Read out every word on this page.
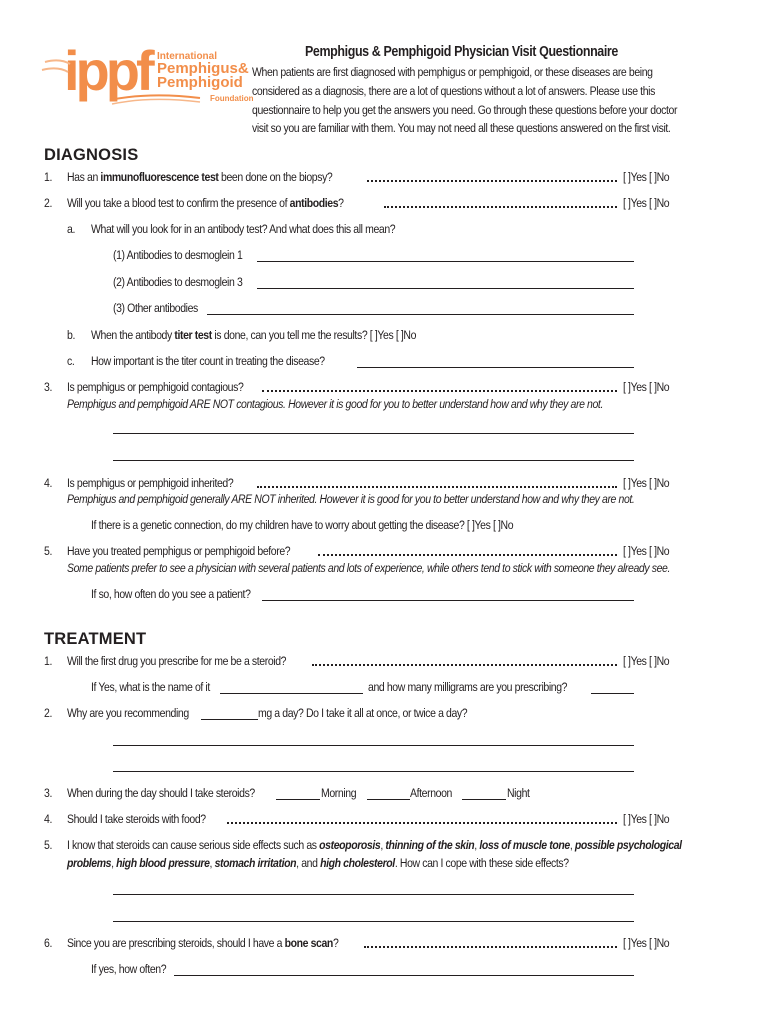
ippf International
Pemphigus&
Pemphigoid
Foundation
Pemphigus & Pemphigoid Physician Visit Questionnaire
When patients are first diagnosed with pemphigus or pemphigoid, or these diseases are being
considered as a diagnosis, there are a lot of questions without a lot of answers. Please use this
questionnaire to help you get the answers you need. Go through these questions before your doctor
visit so you are familiar with them. You may not need all these questions answered on the first visit.
DIAGNOSIS
1. Has an immunofluorescence test been done on the biopsy?	[ ]Yes [ ]No
2. Will you take a blood test to confirm the presence of antibodies?	[ ]Yes [ ]No
a. What will you look for in an antibody test? And what does this all mean?
(1) Antibodies to desmoglein 1
(2) Antibodies to desmoglein 3
(3) Other antibodies
b. When the antibody titer test is done, can you tell me the results? [ ]Yes [ ]No
c. How important is the titer count in treating the disease?
3. Is pemphigus or pemphigoid contagious?	[ ]Yes [ ]No
Pemphigus and pemphigoid ARE NOT contagious. However it is good for you to better understand how and why they are not.
4. Is pemphigus or pemphigoid inherited?	[ ]Yes [ ]No
Pemphigus and pemphigoid generally ARE NOT inherited. However it is good for you to better understand how and why they are not.
If there is a genetic connection, do my children have to worry about getting the disease? [ ]Yes [ ]No
5. Have you treated pemphigus or pemphigoid before?	[ ]Yes [ ]No
Some patients prefer to see a physician with several patients and lots of experience, while others tend to stick with someone they already see.
If so, how often do you see a patient?
TREATMENT
1. Will the first drug you prescribe for me be a steroid?	[ ]Yes [ ]No
If Yes, what is the name of it	and how many milligrams are you prescribing?
2. Why are you recommending	mg a day? Do I take it all at once, or twice a day?
3. When during the day should I take steroids?	Morning	Afternoon	Night
4. Should I take steroids with food?	[ ]Yes [ ]No
5. I know that steroids can cause serious side effects such as osteoporosis, thinning of the skin, loss of muscle tone, possible psychological
problems, high blood pressure, stomach irritation, and high cholesterol. How can I cope with these side effects?
6. Since you are prescribing steroids, should I have a bone scan?	[ ]Yes [ ]No
If yes, how often?
